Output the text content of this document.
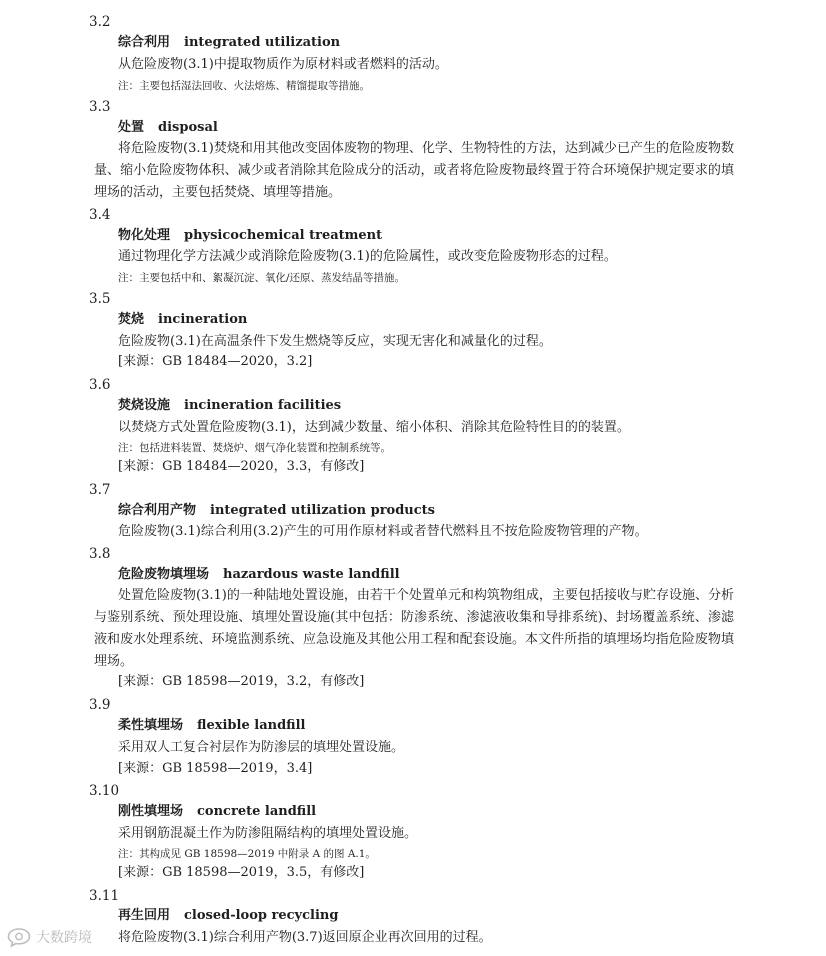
3.2
综合利用 integrated utilization
从危险废物(3.1)中提取物质作为原材料或者燃料的活动。
注：主要包括湿法回收、火法熔炼、精馏提取等措施。
3.3
处置 disposal
将危险废物(3.1)焚烧和用其他改变固体废物的物理、化学、生物特性的方法，达到减少已产生的危险废物数量、缩小危险废物体积、减少或者消除其危险成分的活动，或者将危险废物最终置于符合环境保护规定要求的填埋场的活动，主要包括焚烧、填埋等措施。
3.4
物化处理 physicochemical treatment
通过物理化学方法减少或消除危险废物(3.1)的危险属性，或改变危险废物形态的过程。
注：主要包括中和、絮凝沉淀、氧化/还原、蒸发结晶等措施。
3.5
焚烧 incineration
危险废物(3.1)在高温条件下发生燃烧等反应，实现无害化和减量化的过程。
[来源：GB 18484—2020，3.2]
3.6
焚烧设施 incineration facilities
以焚烧方式处置危险废物(3.1)，达到减少数量、缩小体积、消除其危险特性目的的装置。
注：包括进料装置、焚烧炉、烟气净化装置和控制系统等。
[来源：GB 18484—2020，3.3，有修改]
3.7
综合利用产物 integrated utilization products
危险废物(3.1)综合利用(3.2)产生的可用作原材料或者替代燃料且不按危险废物管理的产物。
3.8
危险废物填埋场 hazardous waste landfill
处置危险废物(3.1)的一种陆地处置设施，由若干个处置单元和构筑物组成，主要包括接收与贮存设施、分析与鉴别系统、预处理设施、填埋处置设施(其中包括：防渗系统、渗滤液收集和导排系统)、封场覆盖系统、渗滤液和废水处理系统、环境监测系统、应急设施及其他公用工程和配套设施。本文件所指的填埋场均指危险废物填埋场。
[来源：GB 18598—2019，3.2，有修改]
3.9
柔性填埋场 flexible landfill
采用双人工复合衬层作为防渗层的填埋处置设施。
[来源：GB 18598—2019，3.4]
3.10
刚性填埋场 concrete landfill
采用钢筋混凝土作为防渗阻隔结构的填埋处置设施。
注：其构成见 GB 18598—2019 中附录 A 的图 A.1。
[来源：GB 18598—2019，3.5，有修改]
3.11
再生回用 closed-loop recycling
将危险废物(3.1)综合利用产物(3.7)返回原企业再次回用的过程。
大数跨境
